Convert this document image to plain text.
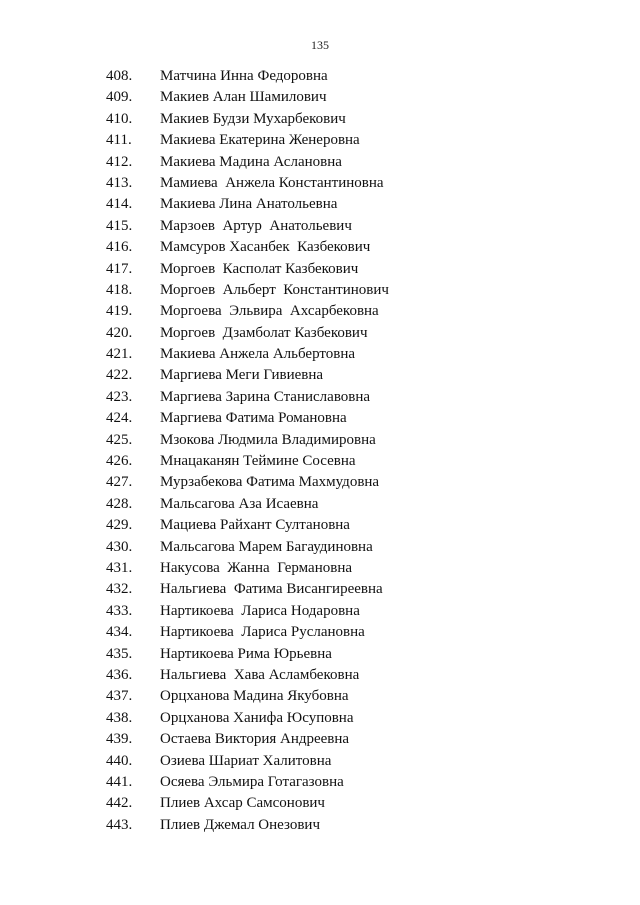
135
408. Матчина Инна Федоровна
409. Макиев Алан Шамилович
410. Макиев Будзи Мухарбекович
411. Макиева Екатерина Женеровна
412. Макиева Мадина Аслановна
413. Мамиева  Анжела Константиновна
414. Макиева Лина Анатольевна
415. Марзоев  Артур  Анатольевич
416. Мамсуров Хасанбек  Казбекович
417. Моргоев  Касполат Казбекович
418. Моргоев  Альберт  Константинович
419. Моргоева  Эльвира  Ахсарбековна
420. Моргоев  Дзамболат Казбекович
421. Макиева Анжела Альбертовна
422. Маргиева Меги Гивиевна
423. Маргиева Зарина Станиславовна
424. Маргиева Фатима Романовна
425. Мзокова Людмила Владимировна
426. Мнацаканян Теймине Сосевна
427. Мурзабекова Фатима Махмудовна
428. Мальсагова Аза Исаевна
429. Мациева Райхант Султановна
430. Мальсагова Марем Багаудиновна
431. Накусова  Жанна  Германовна
432. Нальгиева  Фатима Висангиреевна
433. Нартикоева  Лариса Нодаровна
434. Нартикоева  Лариса Руслановна
435. Нартикоева Рима Юрьевна
436. Нальгиева  Хава Асламбековна
437. Орцханова Мадина Якубовна
438. Орцханова Ханифа Юсуповна
439. Остаева Виктория Андреевна
440. Озиева Шариат Халитовна
441. Осяева Эльмира Готагазовна
442. Плиев Ахсар Самсонович
443. Плиев Джемал Онезович
